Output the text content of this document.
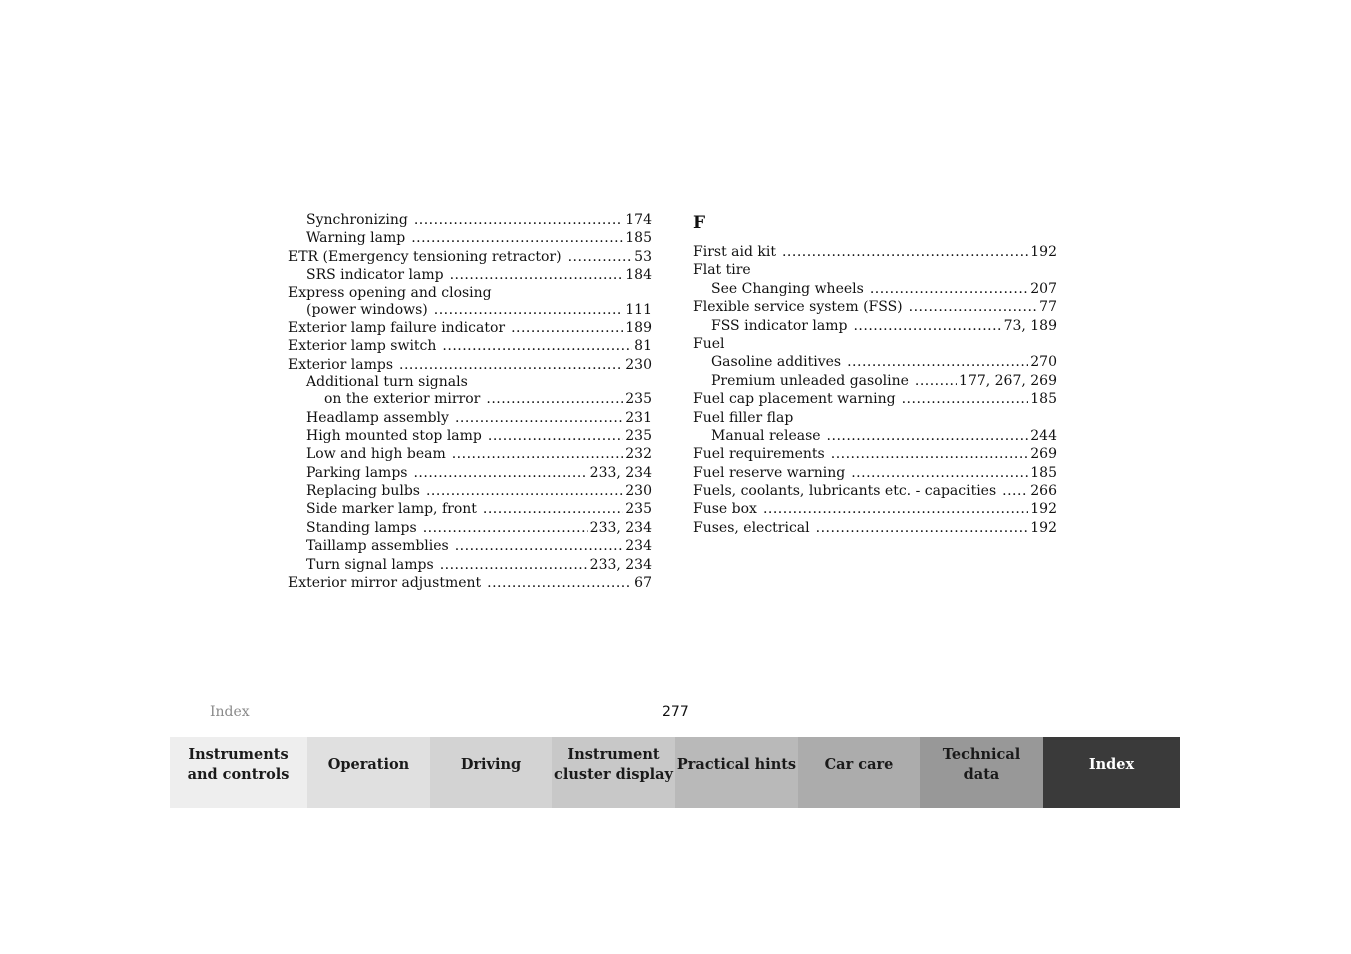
Synchronizing .....	174
Warning lamp .....	185
ETR (Emergency tensioning retractor) .....	53
SRS indicator lamp .....	184
Express opening and closing
(power windows) .....	111
Exterior lamp failure indicator .....	189
Exterior lamp switch .....	81
Exterior lamps .....	230
Additional turn signals
on the exterior mirror .....	235
Headlamp assembly .....	231
High mounted stop lamp .....	235
Low and high beam .....	232
Parking lamps .....	233, 234
Replacing bulbs .....	230
Side marker lamp, front .....	235
Standing lamps .....	233, 234
Taillamp assemblies .....	234
Turn signal lamps .....	233, 234
Exterior mirror adjustment .....	67
F
First aid kit .....	192
Flat tire
See Changing wheels .....	207
Flexible service system (FSS) .....	77
FSS indicator lamp .....	73, 189
Fuel
Gasoline additives .....	270
Premium unleaded gasoline .....	177, 267, 269
Fuel cap placement warning .....	185
Fuel filler flap
Manual release .....	244
Fuel requirements .....	269
Fuel reserve warning .....	185
Fuels, coolants, lubricants etc. - capacities ..... 266
Fuse box .....	192
Fuses, electrical .....	192
Index	277
Instruments
and controls
Operation	Driving
Instrument
cluster display
Practical hints Car care
Technical
data
Index
